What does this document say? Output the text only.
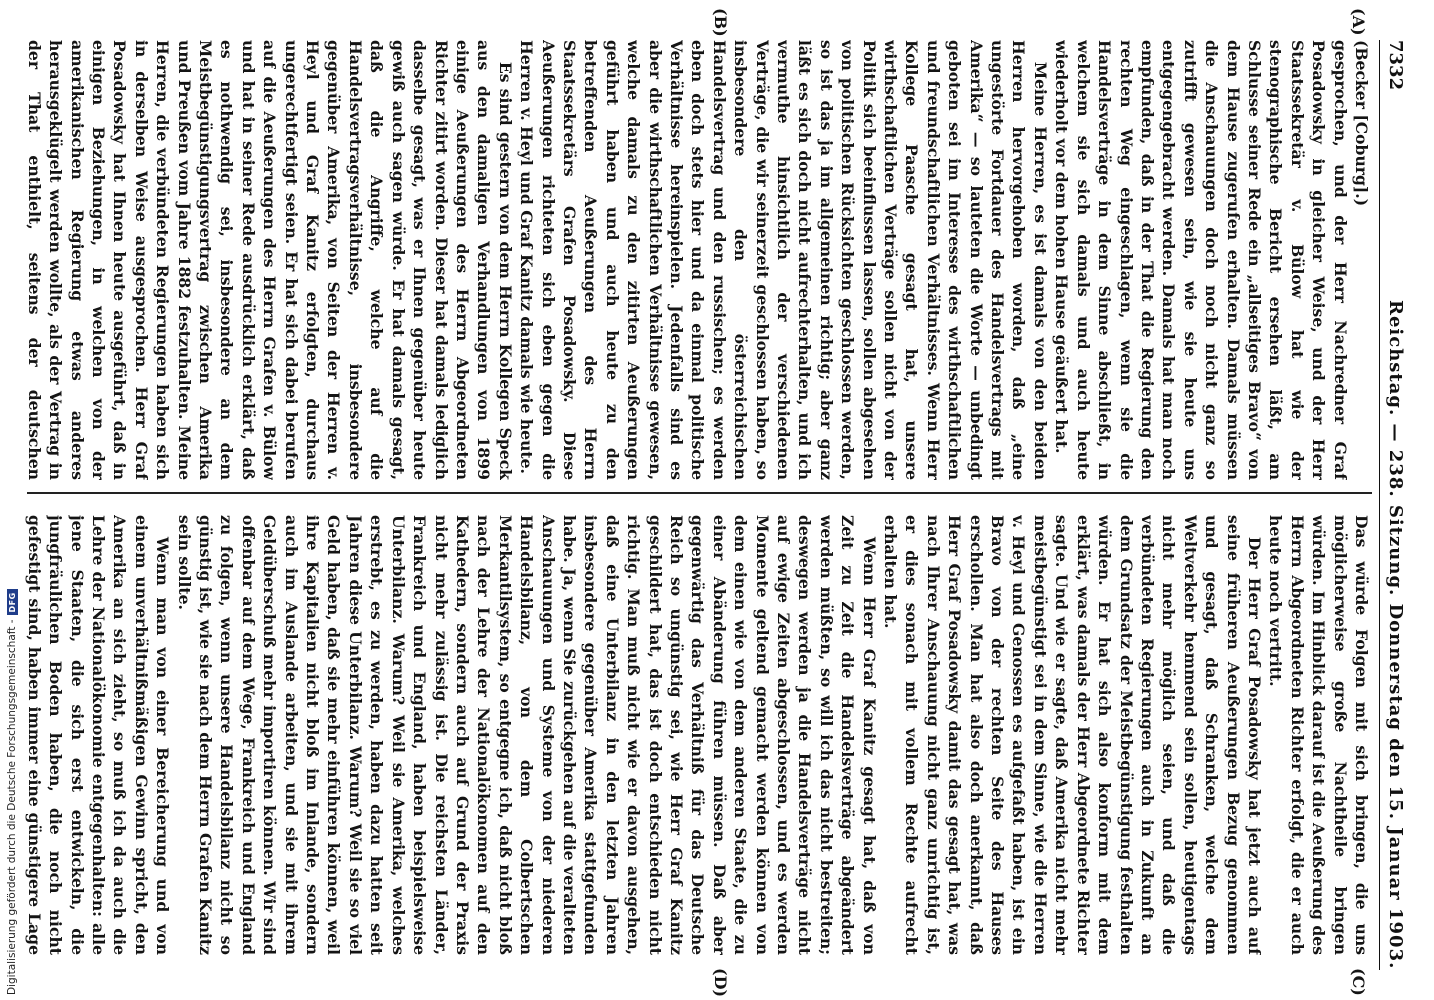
7332
Reichstag. — 238. Sitzung. Donnerstag den 15. Januar 1903.
(A)
(B)
(C)
(D)

(Becker [Coburg].)

gesprochen, und der Herr Nachredner Graf Posadowsky in gleicher Weise, und der Herr Staatssekretär v. Bülow hat wie der stenographische Bericht ersehen läßt, am Schlusse seiner Rede ein „allseitiges Bravo“ von dem Hause zugerufen erhalten. Damals müssen die Anschauungen doch noch nicht ganz so zutrifft gewesen sein, wie sie heute uns entgegengebracht werden. Damals hat man noch empfunden, daß in der That die Regierung den rechten Weg eingeschlagen, wenn sie die Handelsverträge in dem Sinne abschließt, in welchem sie sich damals und auch heute wiederholt vor dem hohen Hause geäußert hat.

Meine Herren, es ist damals von den beiden Herren hervorgehoben worden, daß „eine ungestörte Fortdauer des Handelsvertrags mit Amerika“ — so lauteten die Worte — unbedingt geboten sei im Interesse des wirthschaftlichen und freundschaftlichen Verhältnisses. Wenn Herr Kollege Paasche gesagt hat, unsere wirthschaftlichen Verträge sollen nicht von der Politik sich beeinflussen lassen, sollen abgesehen von politischen Rücksichten geschlossen werden, so ist das ja im allgemeinen richtig; aber ganz läßt es sich doch nicht aufrechterhalten, und ich vermuthe hinsichtlich der verschiedenen Verträge, die wir seinerzeit geschlossen haben, so insbesondere den österreichischen Handelsvertrag und den russischen; es werden eben doch stets hier und da einmal politische Verhältnisse hereinspielen. Jedenfalls sind es aber die wirthschaftlichen Verhältnisse gewesen, welche damals zu den zitirten Aeußerungen geführt haben und auch heute zu den betreffenden Aeußerungen des Herrn Staatssekretärs Grafen Posadowsky. Diese Aeußerungen richteten sich eben gegen die Herren v. Heyl und Graf Kanitz damals wie heute.

Es sind gestern von dem Herrn Kollegen Speck aus den damaligen Verhandlungen von 1899 einige Aeußerungen des Herrn Abgeordneten Richter zitirt worden. Dieser hat damals lediglich dasselbe gesagt, was er Ihnen gegenüber heute gewiß auch sagen würde. Er hat damals gesagt, daß die Angriffe, welche auf die Handelsvertragsverhältnisse, insbesondere gegenüber Amerika, von Seiten der Herren v. Heyl und Graf Kanitz erfolgten, durchaus ungerechtfertigt seien. Er hat sich dabei berufen auf die Aeußerungen des Herrn Grafen v. Bülow und hat in seiner Rede ausdrücklich erklärt, daß es nothwendig sei, insbesondere an dem Meistbegünstigungsvertrag zwischen Amerika und Preußen vom Jahre 1882 festzuhalten. Meine Herren, die verbündeten Regierungen haben sich in derselben Weise ausgesprochen. Herr Graf Posadowsky hat Ihnen heute ausgeführt, daß in einigen Beziehungen, in welchen von der amerikanischen Regierung etwas anderes herausgeklügelt werden wollte, als der Vertrag in der That enthielt, seitens der deutschen

Das würde Folgen mit sich bringen, die uns möglicherweise große Nachtheile bringen würden. Im Hinblick darauf ist die Aeußerung des Herrn Abgeordneten Richter erfolgt, die er auch heute noch vertritt.

Der Herr Graf Posadowsky hat jetzt auch auf seine früheren Aeußerungen Bezug genommen und gesagt, daß Schranken, welche dem Weltverkehr hemmend sein sollen, heutigentags nicht mehr möglich seien, und daß die verbündeten Regierungen auch in Zukunft an dem Grundsatz der Meistbegünstigung festhalten würden. Er hat sich also konform mit dem erklärt, was damals der Herr Abgeordnete Richter sagte. Und wie er sagte, daß Amerika nicht mehr meistbegünstigt sei in dem Sinne, wie die Herren v. Heyl und Genossen es aufgefaßt haben, ist ein Bravo von der rechten Seite des Hauses erschollen. Man hat also doch anerkannt, daß Herr Graf Posadowsky damit das gesagt hat, was nach Ihrer Anschauung nicht ganz unrichtig ist, er dies sonach mit vollem Rechte aufrecht erhalten hat.

Wenn Herr Graf Kanitz gesagt hat, daß von Zeit zu Zeit die Handelsverträge abgeändert werden müßten, so will ich das nicht bestreiten; deswegen werden ja die Handelsverträge nicht auf ewige Zeiten abgeschlossen, und es werden Momente geltend gemacht werden können von dem einen wie von dem anderen Staate, die zu einer Abänderung führen müssen. Daß aber gegenwärtig das Verhältniß für das Deutsche Reich so ungünstig sei, wie Herr Graf Kanitz geschildert hat, das ist doch entschieden nicht richtig. Man muß nicht wie er davon ausgehen, daß eine Unterbilanz in den letzten Jahren insbesondere gegenüber Amerika stattgefunden habe. Ja, wenn Sie zurückgehen auf die veralteten Anschauungen und Systeme von der niederen Handelsbilanz, von dem Colbertschen Merkantilsystem, so entgegne ich, daß nicht bloß nach der Lehre der Nationalökonomen auf den Kathedern, sondern auch auf Grund der Praxis nicht mehr zulässig ist. Die reichsten Länder, Frankreich und England, haben beispielsweise Unterbilanz. Warum? Weil sie Amerika, welches erstrebt, es zu werden, haben dazu hatten seit Jahren diese Unterbilanz. Warum? Weil sie so viel Geld haben, daß sie mehr einführen können, weil ihre Kapitalien nicht bloß im Inlande, sondern auch im Auslande arbeiten, und sie mit ihrem Geldüberschuß mehr importiren können. Wir sind offenbar auf dem Wege, Frankreich und England zu folgen, wenn unsere Handelsbilanz nicht so günstig ist, wie sie nach dem Herrn Grafen Kanitz sein sollte.

Wenn man von einer Bereicherung und von einem unverhältnißmäßigen Gewinn spricht, den Amerika an sich zieht, so muß ich da auch die Lehre der Nationalökonomie entgegenhalten: alle jene Staaten, die sich erst entwickeln, die jungfräulichen Boden haben, die noch nicht gefestigt sind, haben immer eine günstigere Lage

Digitalisierung gefördert durch die Deutsche Forschungsgemeinschaft -
DFG
